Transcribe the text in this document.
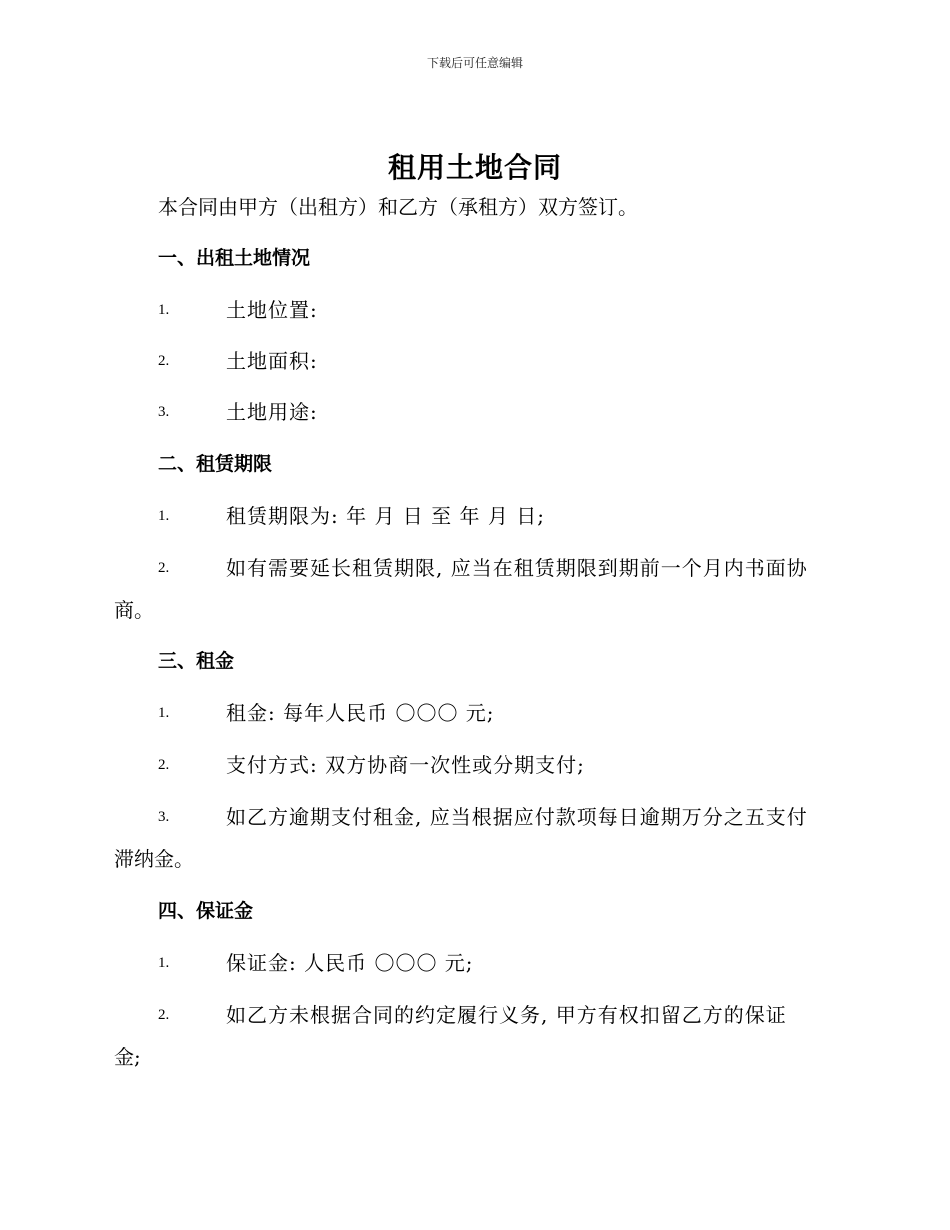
下载后可任意编辑
租用土地合同
本合同由甲方（出租方）和乙方（承租方）双方签订。
一、出租土地情况
1.	土地位置:
2.	土地面积:
3.	土地用途:
二、租赁期限
1.	租赁期限为: 年 月 日 至 年 月 日;
2.	如有需要延长租赁期限, 应当在租赁期限到期前一个月内书面协
商。
三、租金
1.	租金: 每年人民币 〇〇〇 元;
2.	支付方式: 双方协商一次性或分期支付;
3.	如乙方逾期支付租金, 应当根据应付款项每日逾期万分之五支付
滞纳金。
四、保证金
1.	保证金: 人民币 〇〇〇 元;
2.	如乙方未根据合同的约定履行义务, 甲方有权扣留乙方的保证
金;
